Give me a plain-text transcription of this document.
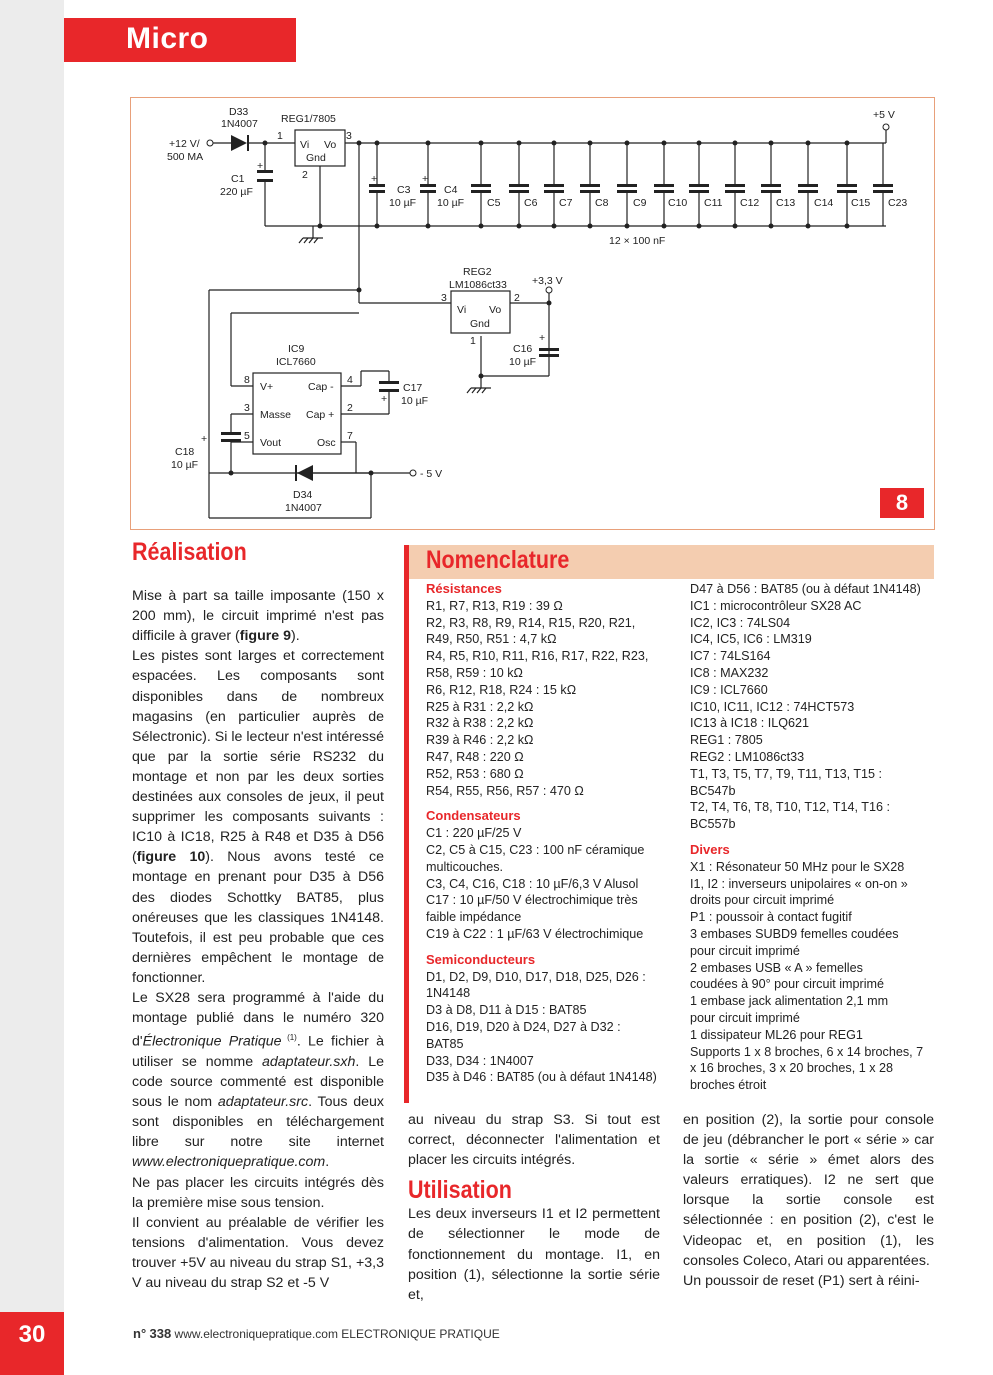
Micro
D33
1N4007 REG1/7805
Vi Vo
Gnd
1	3
2
+12 V/
500 MA
C1
220 µF
+
C3
10 µF
+
C4
10 µF
+
C5 C6 C7 C8 C9 C10 C11 C12 C13 C14 C15 C23
+5 V
12 × 100 nF
REG2
LM1086ct33 +3,3 V
Vi Vo
Gnd
3	2
1
C16
10 µF
+
IC9
ICL7660
V+
Masse
Vout
Cap -
Cap +
Osc
8
3
5
4
2
7
C17
10 µF
+
C18
10 µF
+
D34
1N4007
- 5 V
8
Réalisation

Mise à part sa taille imposante (150 x 200 mm), le circuit imprimé n'est pas difficile à graver (figure 9).

Les pistes sont larges et correctement espacées. Les composants sont disponibles dans de nombreux magasins (en particulier auprès de Sélectronic). Si le lecteur n'est intéressé que par la sortie série RS232 du montage et non par les deux sorties destinées aux consoles de jeux, il peut supprimer les composants suivants : IC10 à IC18, R25 à R48 et D35 à D56 (figure 10). Nous avons testé ce montage en prenant pour D35 à D56 des diodes Schottky BAT85, plus onéreuses que les classiques 1N4148. Toutefois, il est peu probable que ces dernières empêchent le montage de fonctionner.

Le SX28 sera programmé à l'aide du montage publié dans le numéro 320 d'Électronique Pratique $^{(1)}$. Le fichier à utiliser se nomme adaptateur.sxh. Le code source commenté est disponible sous le nom adaptateur.src. Tous deux sont disponibles en téléchargement libre sur notre site internet www.electroniquepratique.com.

Ne pas placer les circuits intégrés dès la première mise sous tension.

Il convient au préalable de vérifier les tensions d'alimentation. Vous devez trouver +5V au niveau du strap S1, +3,3 V au niveau du strap S2 et -5 V

Nomenclature
Résistances
R1, R7, R13, R19 : 39 Ω
R2, R3, R8, R9, R14, R15, R20, R21,
R49, R50, R51 : 4,7 kΩ
R4, R5, R10, R11, R16, R17, R22, R23,
R58, R59 : 10 kΩ
R6, R12, R18, R24 : 15 kΩ
R25 à R31 : 2,2 kΩ
R32 à R38 : 2,2 kΩ
R39 à R46 : 2,2 kΩ
R47, R48 : 220 Ω
R52, R53 : 680 Ω
R54, R55, R56, R57 : 470 Ω
Condensateurs
C1 : 220 µF/25 V
C2, C5 à C15, C23 : 100 nF céramique
multicouches.
C3, C4, C16, C18 : 10 µF/6,3 V Alusol
C17 : 10 µF/50 V électrochimique très
faible impédance
C19 à C22 : 1 µF/63 V électrochimique
Semiconducteurs
D1, D2, D9, D10, D17, D18, D25, D26 :
1N4148
D3 à D8, D11 à D15 : BAT85
D16, D19, D20 à D24, D27 à D32 :
BAT85
D33, D34 : 1N4007
D35 à D46 : BAT85 (ou à défaut 1N4148)
D47 à D56 : BAT85 (ou à défaut 1N4148)
IC1 : microcontrôleur SX28 AC
IC2, IC3 : 74LS04
IC4, IC5, IC6 : LM319
IC7 : 74LS164
IC8 : MAX232
IC9 : ICL7660
IC10, IC11, IC12 : 74HCT573
IC13 à IC18 : ILQ621
REG1 : 7805
REG2 : LM1086ct33
T1, T3, T5, T7, T9, T11, T13, T15 :
BC547b
T2, T4, T6, T8, T10, T12, T14, T16 :
BC557b
Divers
X1 : Résonateur 50 MHz pour le SX28
I1, I2 : inverseurs unipolaires « on-on »
droits pour circuit imprimé
P1 : poussoir à contact fugitif
3 embases SUBD9 femelles coudées
pour circuit imprimé
2 embases USB « A » femelles
coudées à 90° pour circuit imprimé
1 embase jack alimentation 2,1 mm
pour circuit imprimé
1 dissipateur ML26 pour REG1
Supports 1 x 8 broches, 6 x 14 broches, 7
x 16 broches, 3 x 20 broches, 1 x 28
broches étroit

au niveau du strap S3. Si tout est correct, déconnecter l'alimentation et placer les circuits intégrés.

Utilisation

Les deux inverseurs I1 et I2 permettent de sélectionner le mode de fonctionnement du montage. I1, en position (1), sélectionne la sortie série et,

en position (2), la sortie pour console de jeu (débrancher le port « série » car la sortie « série » émet alors des valeurs erratiques). I2 ne sert que lorsque la sortie console est sélectionnée : en position (2), c'est le Videopac et, en position (1), les consoles Coleco, Atari ou apparentées.

Un poussoir de reset (P1) sert à réini-

30	n° 338 www.electroniquepratique.com ELECTRONIQUE PRATIQUE
